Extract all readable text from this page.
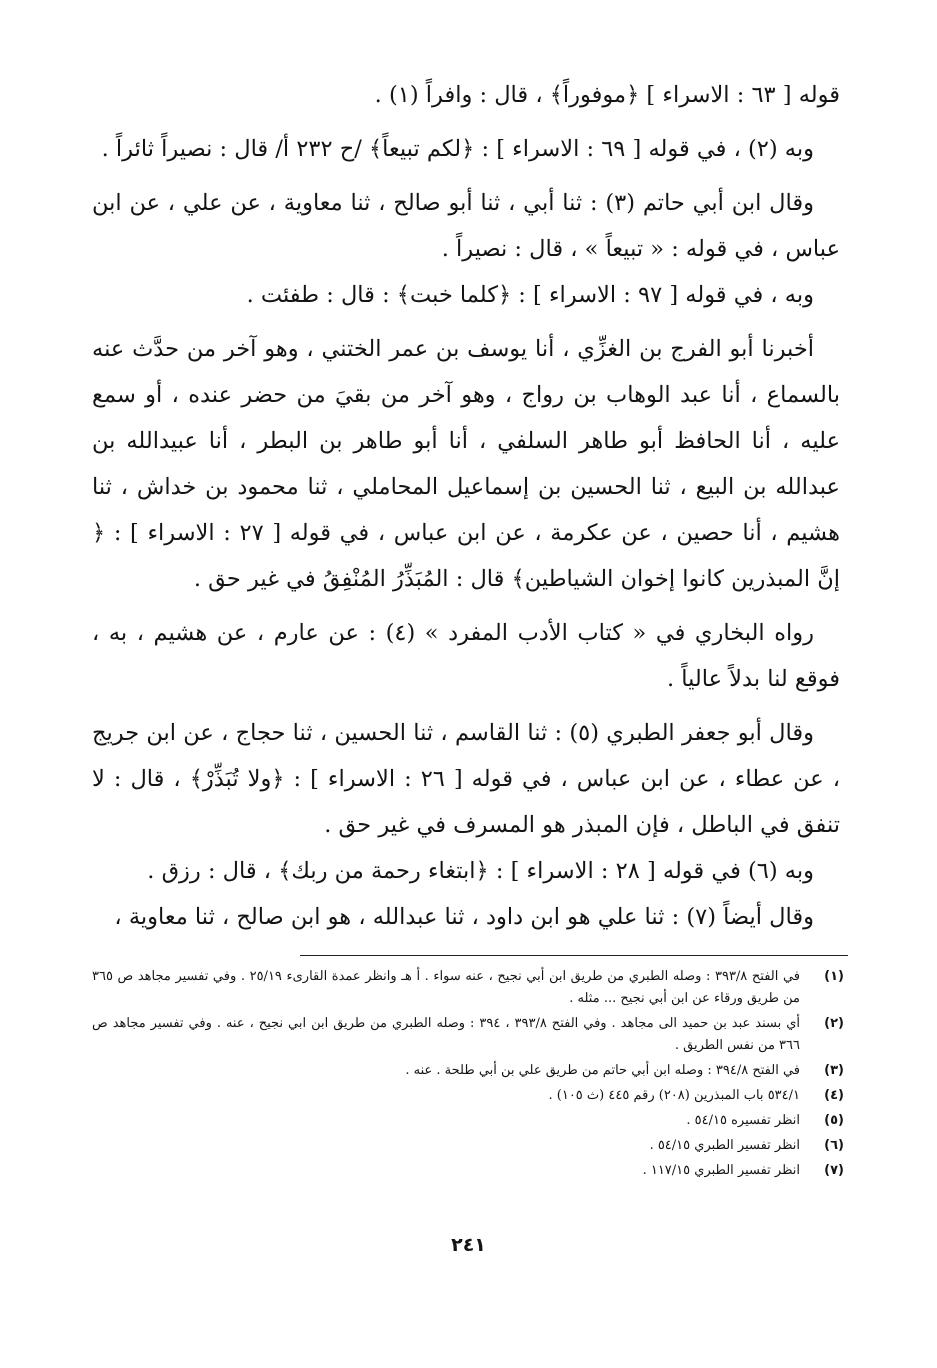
قوله [ ٦٣ : الاسراء ] ﴿موفوراً﴾ ، قال : وافراً (١) .

وبه (٢) ، في قوله [ ٦٩ : الاسراء ] : ﴿لكم تبيعاً﴾ /ح ٢٣٢ أ/ قال : نصيراً ثائراً .

وقال ابن أبي حاتم (٣) : ثنا أبي ، ثنا أبو صالح ، ثنا معاوية ، عن علي ، عن ابن عباس ، في قوله : « تبيعاً » ، قال : نصيراً .

وبه ، في قوله [ ٩٧ : الاسراء ] : ﴿كلما خبت﴾ : قال : طفئت .

أخبرنا أبو الفرج بن الغزِّي ، أنا يوسف بن عمر الختني ، وهو آخر من حدَّث عنه بالسماع ، أنا عبد الوهاب بن رواج ، وهو آخر من بقيَ من حضر عنده ، أو سمع عليه ، أنا الحافظ أبو طاهر السلفي ، أنا أبو طاهر بن البطر ، أنا عبيدالله بن عبدالله بن البيع ، ثنا الحسين بن إسماعيل المحاملي ، ثنا محمود بن خداش ، ثنا هشيم ، أنا حصين ، عن عكرمة ، عن ابن عباس ، في قوله [ ٢٧ : الاسراء ] : ﴿ إنَّ المبذرين كانوا إخوان الشياطين﴾ قال : المُبَذِّرُ المُنْفِقُ في غير حق .

رواه البخاري في « كتاب الأدب المفرد » (٤) : عن عارم ، عن هشيم ، به ، فوقع لنا بدلاً عالياً .

وقال أبو جعفر الطبري (٥) : ثنا القاسم ، ثنا الحسين ، ثنا حجاج ، عن ابن جريج ، عن عطاء ، عن ابن عباس ، في قوله [ ٢٦ : الاسراء ] : ﴿ولا تُبَذِّرْ﴾ ، قال : لا تنفق في الباطل ، فإن المبذر هو المسرف في غير حق .

وبه (٦) في قوله [ ٢٨ : الاسراء ] : ﴿ابتغاء رحمة من ربك﴾ ، قال : رزق .

وقال أيضاً (٧) : ثنا علي هو ابن داود ، ثنا عبدالله ، هو ابن صالح ، ثنا معاوية ،

(١)
في الفتح ٣٩٣/٨ : وصله الطبري من طريق ابن أبي نجيح ، عنه سواء . أ هـ وانظر عمدة القارىء ٢٥/١٩ . وفي تفسير مجاهد ص ٣٦٥ من طريق ورقاء عن ابن أبي نجيح ... مثله .
(٢)
أي بسند عبد بن حميد الى مجاهد . وفي الفتح ٣٩٣/٨ ، ٣٩٤ : وصله الطبري من طريق ابن ابي نجيح ، عنه . وفي تفسير مجاهد ص ٣٦٦ من نفس الطريق .
(٣)
في الفتح ٣٩٤/٨ : وصله ابن أبي حاتم من طريق علي بن أبي طلحة . عنه .
(٤)
٥٣٤/١ باب المبذرين (٢٠٨) رقم ٤٤٥ (ث ١٠٥) .
(٥)
انظر تفسيره ٥٤/١٥ .
(٦)
انظر تفسير الطبري ٥٤/١٥ .
(٧)
انظر تفسير الطبري ١١٧/١٥ .
٢٤١
